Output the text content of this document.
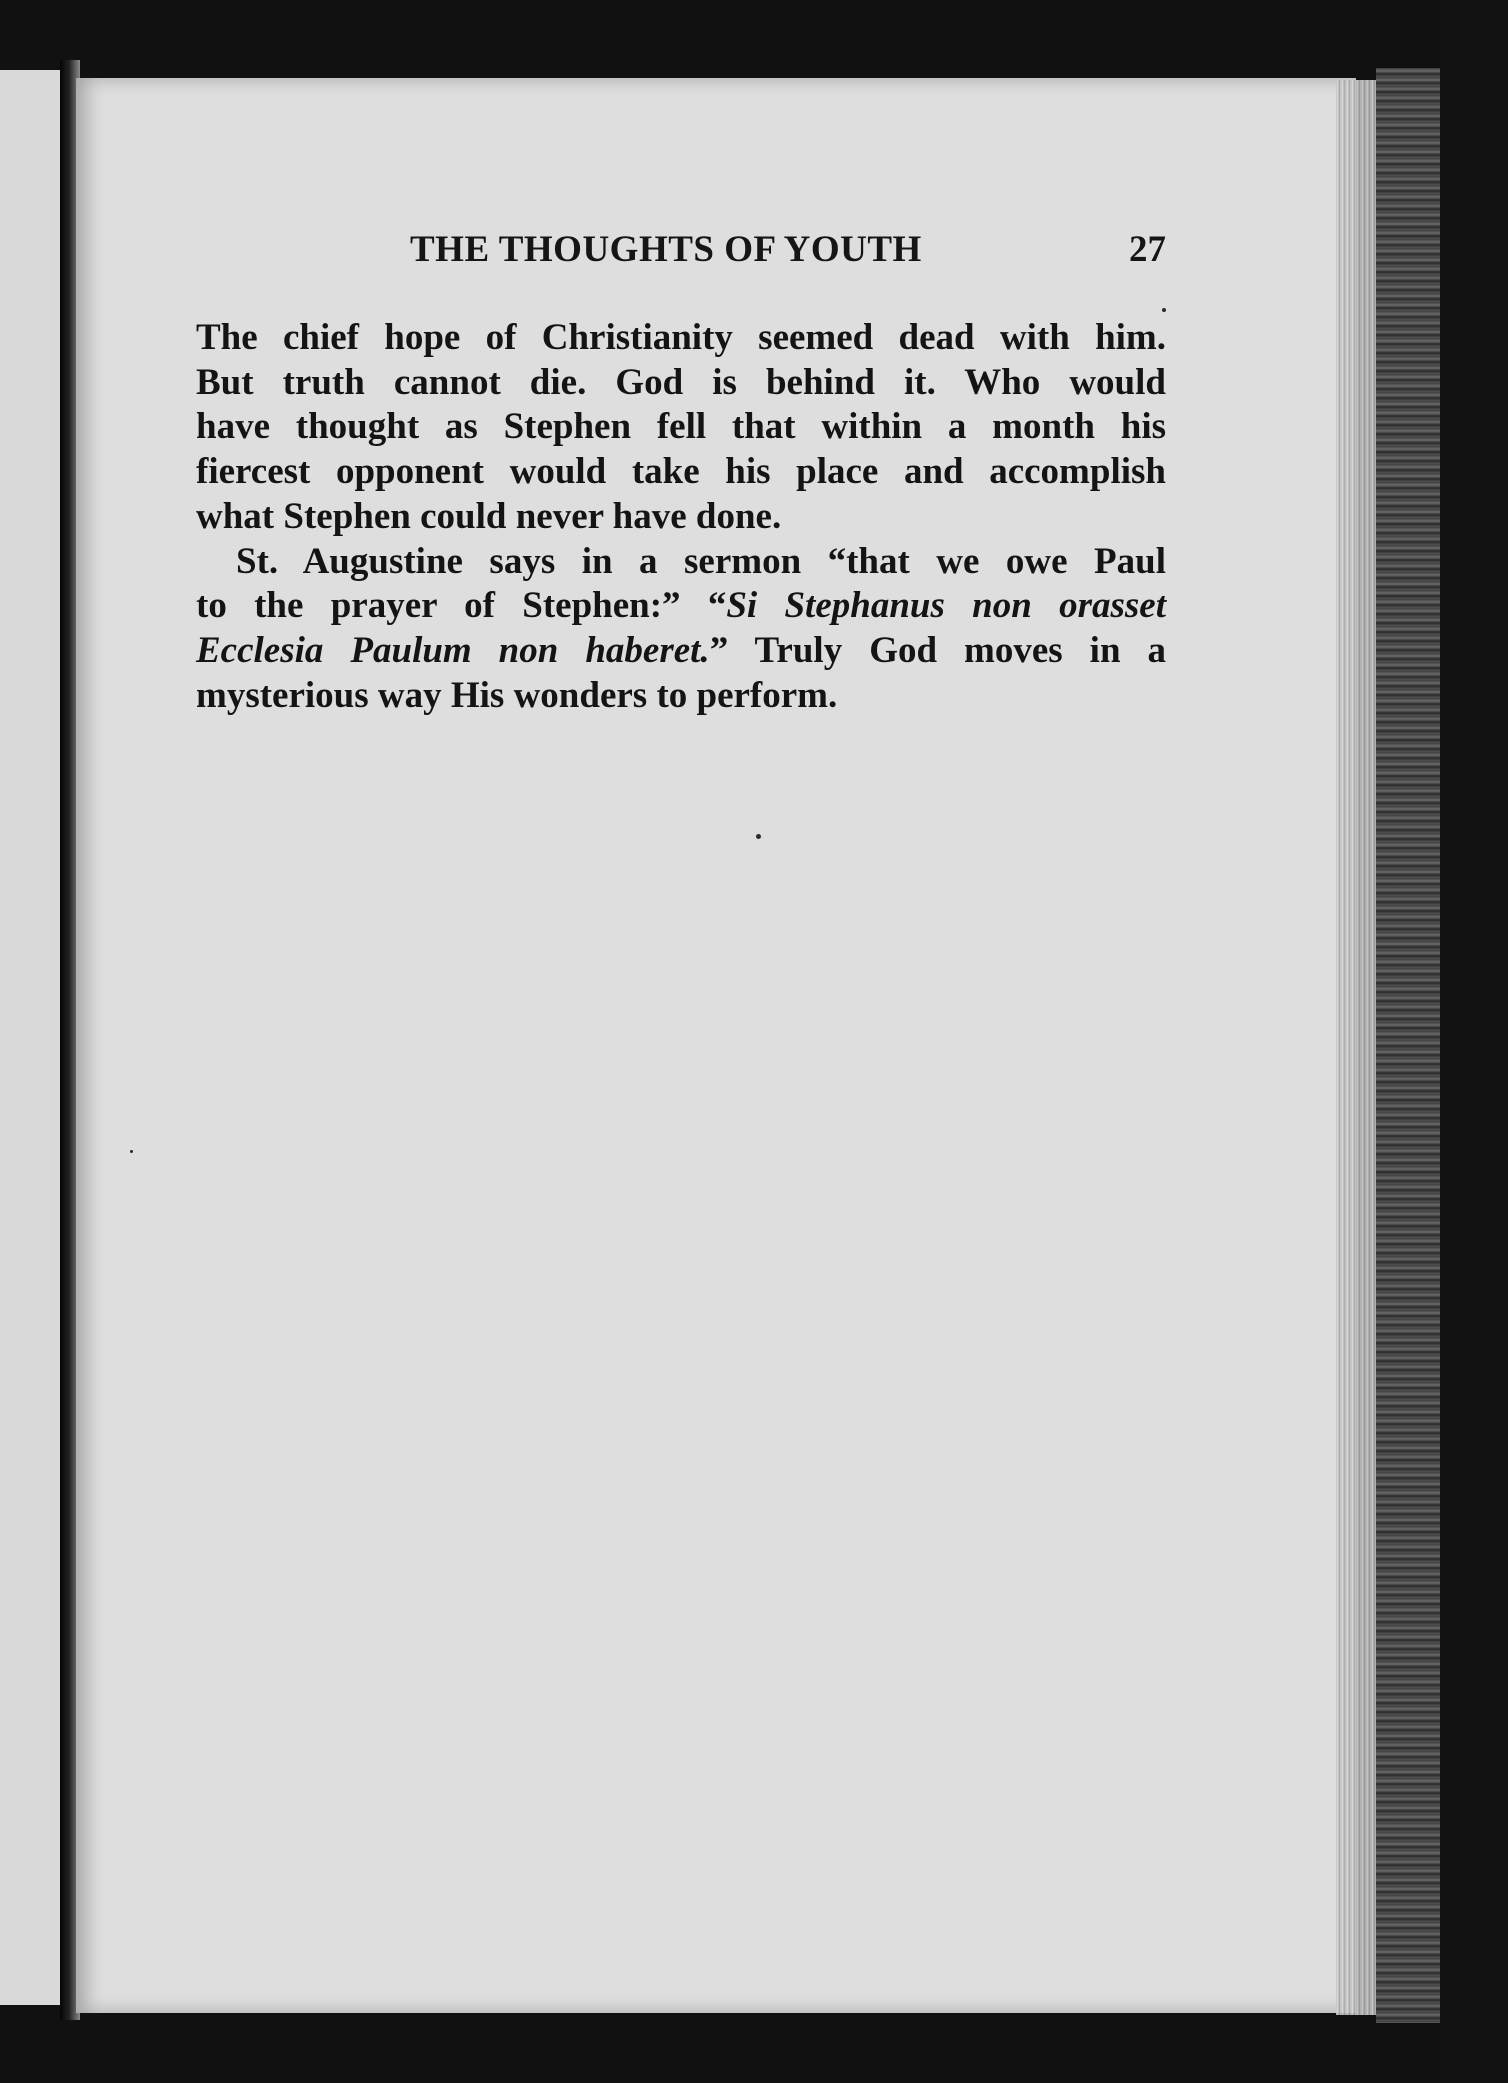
THE THOUGHTS OF YOUTH	27

The chief hope of Christianity seemed dead with him.
But truth cannot die. God is behind it. Who would
have thought as Stephen fell that within a month his
fiercest opponent would take his place and accomplish
what Stephen could never have done.

St. Augustine says in a sermon “that we owe Paul
to the prayer of Stephen:” “Si Stephanus non orasset
Ecclesia Paulum non haberet.” Truly God moves in a
mysterious way His wonders to perform.
